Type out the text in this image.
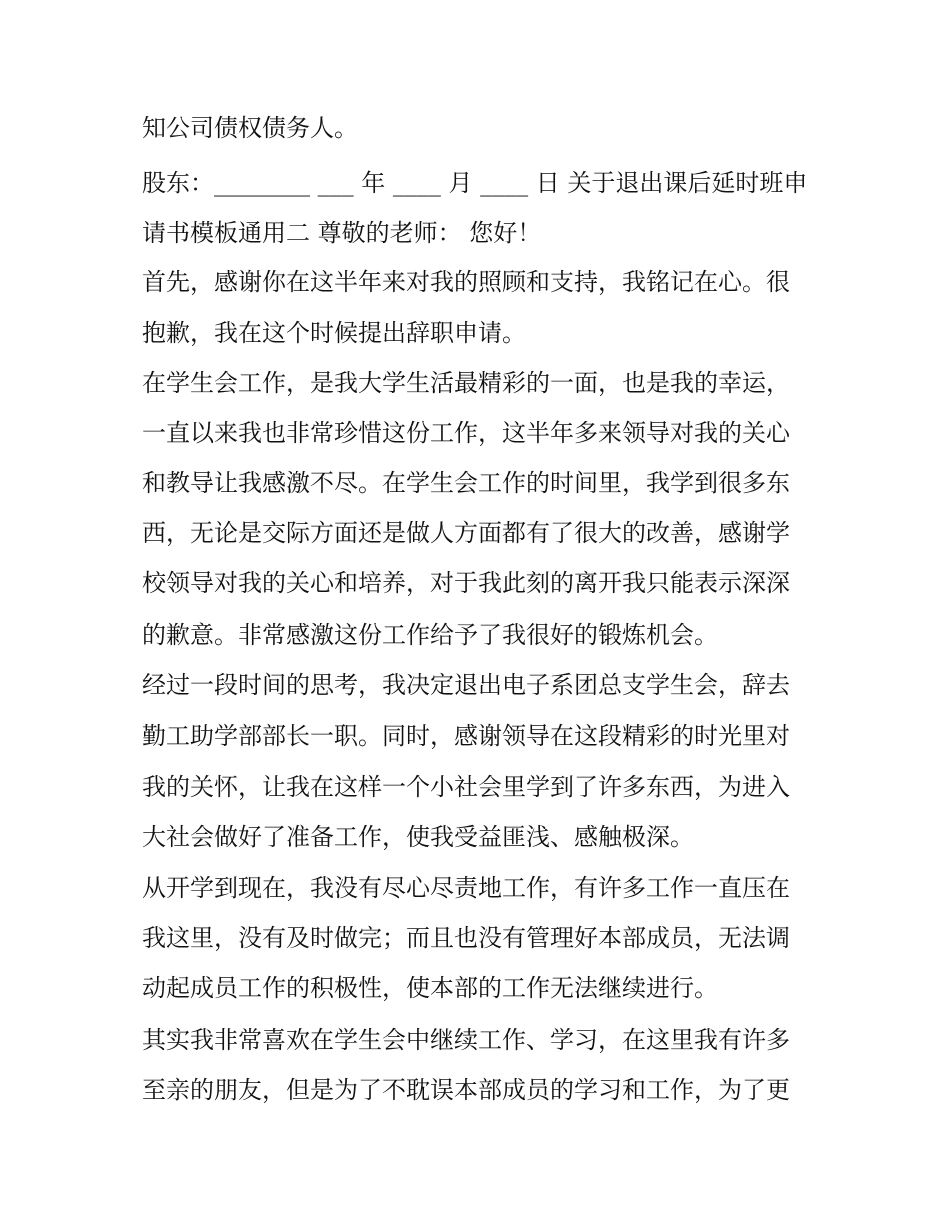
知公司债权债务人。
股东：________ ___ 年 ____ 月 ____ 日 关于退出课后延时班申
请书模板通用二 尊敬的老师： 您好！
首先，感谢你在这半年来对我的照顾和支持，我铭记在心。很
抱歉，我在这个时候提出辞职申请。
在学生会工作，是我大学生活最精彩的一面，也是我的幸运，
一直以来我也非常珍惜这份工作，这半年多来领导对我的关心
和教导让我感激不尽。在学生会工作的时间里，我学到很多东
西，无论是交际方面还是做人方面都有了很大的改善，感谢学
校领导对我的关心和培养，对于我此刻的离开我只能表示深深
的歉意。非常感激这份工作给予了我很好的锻炼机会。
经过一段时间的思考，我决定退出电子系团总支学生会，辞去
勤工助学部部长一职。同时，感谢领导在这段精彩的时光里对
我的关怀，让我在这样一个小社会里学到了许多东西，为进入
大社会做好了准备工作，使我受益匪浅、感触极深。
从开学到现在，我没有尽心尽责地工作，有许多工作一直压在
我这里，没有及时做完；而且也没有管理好本部成员，无法调
动起成员工作的积极性，使本部的工作无法继续进行。
其实我非常喜欢在学生会中继续工作、学习，在这里我有许多
至亲的朋友，但是为了不耽误本部成员的学习和工作，为了更
